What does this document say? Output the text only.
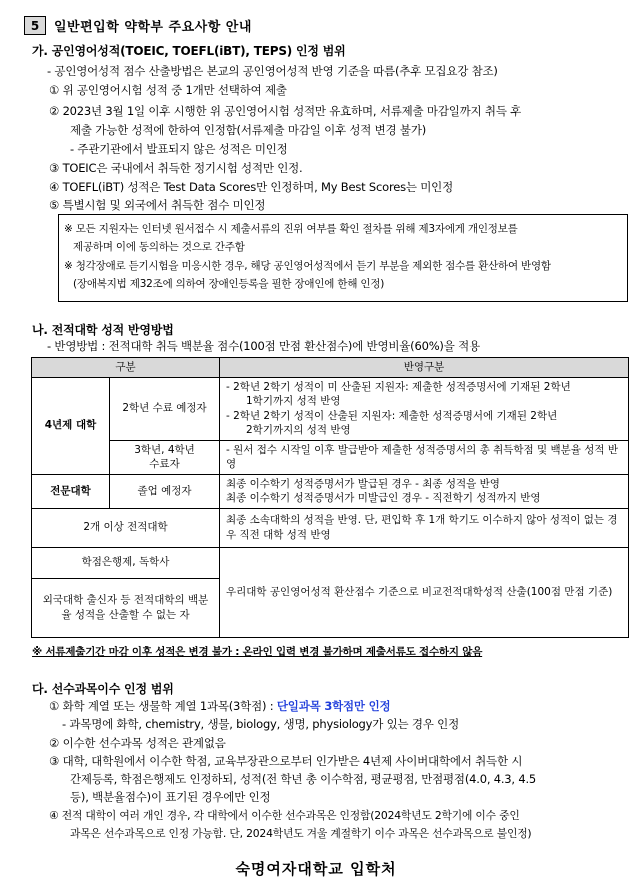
5	일반편입학 약학부 주요사항 안내
가. 공인영어성적(TOEIC, TOEFL(iBT), TEPS) 인정 범위
- 공인영어성적 점수 산출방법은 본교의 공인영어성적 반영 기준을 따름(추후 모집요강 참조)
① 위 공인영어시험 성적 중 1개만 선택하여 제출
② 2023년 3월 1일 이후 시행한 위 공인영어시험 성적만 유효하며, 서류제출 마감일까지 취득 후
제출 가능한 성적에 한하여 인정함(서류제출 마감일 이후 성적 변경 불가)
- 주관기관에서 발표되지 않은 성적은 미인정
③ TOEIC은 국내에서 취득한 정기시험 성적만 인정.
④ TOEFL(iBT) 성적은 Test Data Scores만 인정하며, My Best Scores는 미인정
⑤ 특별시험 및 외국에서 취득한 점수 미인정
※ 모든 지원자는 인터넷 원서접수 시 제출서류의 진위 여부를 확인 절차를 위해 제3자에게 개인정보를
제공하며 이에 동의하는 것으로 간주함
※ 청각장애로 듣기시험을 미응시한 경우, 해당 공인영어성적에서 듣기 부분을 제외한 점수를 환산하여 반영함
(장애복지법 제32조에 의하여 장애인등록을 필한 장애인에 한해 인정)
나. 전적대학 성적 반영방법
- 반영방법 : 전적대학 취득 백분율 점수(100점 만점 환산점수)에 반영비율(60%)을 적용
구분		반영구분
4년제 대학	2학년 수료 예정자	- 2학년 2학기 성적이 미 산출된 지원자: 제출한 성적증명서에 기재된 2학년
1학기까지 성적 반영
- 2학년 2학기 성적이 산출된 지원자: 제출한 성적증명서에 기재된 2학년
2학기까지의 성적 반영

	3학년, 4학년 수료자	- 원서 접수 시작일 이후 발급받아 제출한 성적증명서의 총 취득학점 및 백분율 성적 반영
전문대학	졸업 예정자	최종 이수학기 성적증명서가 발급된 경우 - 최종 성적을 반영
최종 이수학기 성적증명서가 미발급인 경우 - 직전학기 성적까지 반영

2개 이상 전적대학		최종 소속대학의 성적을 반영. 단, 편입학 후 1개 학기도 이수하지 않아 성적이 없는 경우 직전 대학 성적 반영
학점은행제, 독학사		우리대학 공인영어성적 환산점수 기준으로 비교전적대학성적 산출(100점 만점 기준)
외국대학 출신자 등 전적대학의 백분율 성적을 산출할 수 없는 자		
※ 서류제출기간 마감 이후 성적은 변경 불가 : 온라인 입력 변경 불가하며 제출서류도 접수하지 않음
다. 선수과목이수 인정 범위
① 화학 계열 또는 생물학 계열 1과목(3학점) : 단일과목 3학점만 인정
- 과목명에 화학, chemistry, 생물, biology, 생명, physiology가 있는 경우 인정
② 이수한 선수과목 성적은 관계없음
③ 대학, 대학원에서 이수한 학점, 교육부장관으로부터 인가받은 4년제 사이버대학에서 취득한 시
간제등록, 학점은행제도 인정하되, 성적(전 학년 총 이수학점, 평균평점, 만점평점(4.0, 4.3, 4.5
등), 백분율점수)이 표기된 경우에만 인정
④ 전적 대학이 여러 개인 경우, 각 대학에서 이수한 선수과목은 인정함(2024학년도 2학기에 이수 중인
과목은 선수과목으로 인정 가능함. 단, 2024학년도 겨울 계절학기 이수 과목은 선수과목으로 불인정)
숙명여자대학교 입학처
